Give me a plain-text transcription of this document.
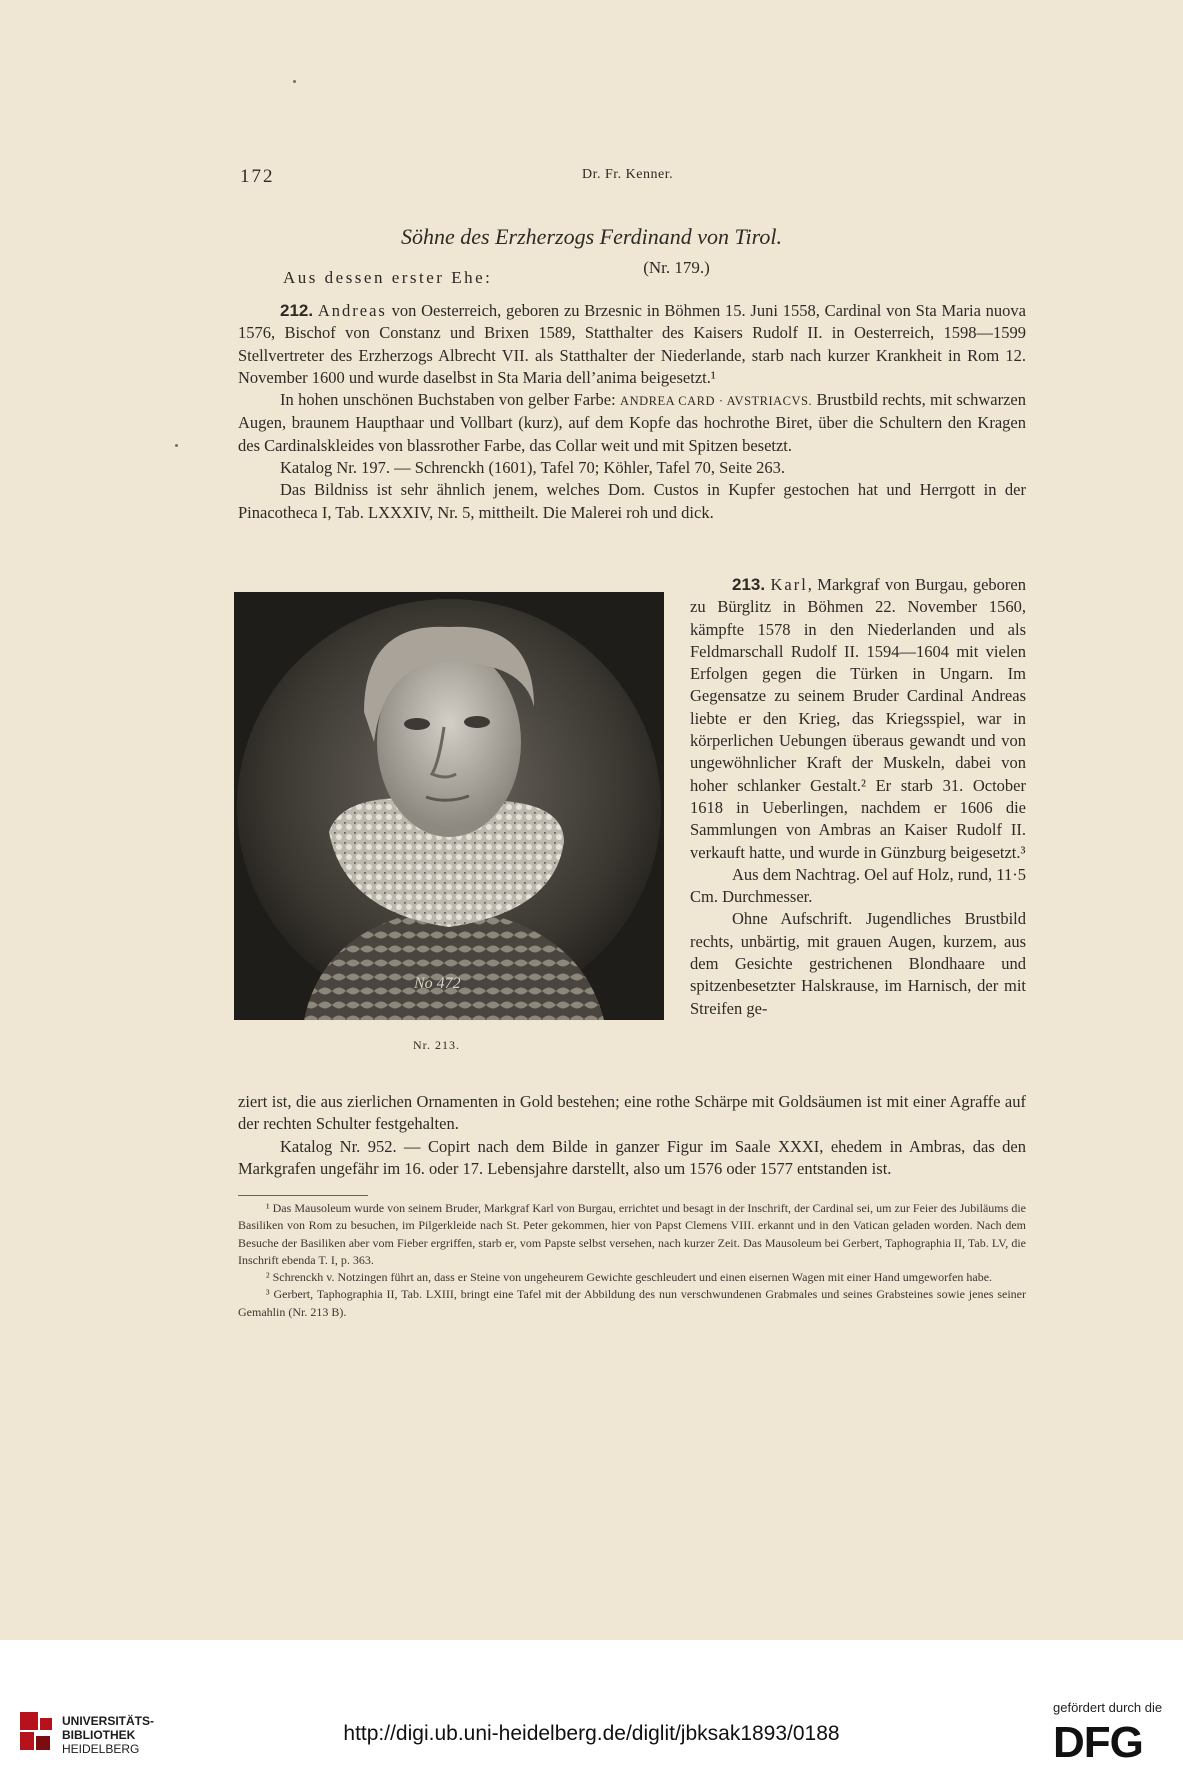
172	Dr. Fr. Kenner.
Söhne des Erzherzogs Ferdinand von Tirol.
(Nr. 179.)
Aus dessen erster Ehe:

212. Andreas von Oesterreich, geboren zu Brzesnic in Böhmen 15. Juni 1558, Cardinal von Sta Maria nuova 1576, Bischof von Constanz und Brixen 1589, Statthalter des Kaisers Rudolf II. in Oesterreich, 1598—1599 Stellvertreter des Erzherzogs Albrecht VII. als Statthalter der Niederlande, starb nach kurzer Krankheit in Rom 12. November 1600 und wurde daselbst in Sta Maria dell’anima beigesetzt.¹

In hohen unschönen Buchstaben von gelber Farbe: ANDREA CARD · AVSTRIACVS. Brustbild rechts, mit schwarzen Augen, braunem Haupthaar und Vollbart (kurz), auf dem Kopfe das hochrothe Biret, über die Schultern den Kragen des Cardinalskleides von blassrother Farbe, das Collar weit und mit Spitzen besetzt.

Katalog Nr. 197. — Schrenckh (1601), Tafel 70; Köhler, Tafel 70, Seite 263.

Das Bildniss ist sehr ähnlich jenem, welches Dom. Custos in Kupfer gestochen hat und Herrgott in der Pinacotheca I, Tab. LXXXIV, Nr. 5, mittheilt. Die Malerei roh und dick.

No 472
Nr. 213.

213. Karl, Markgraf von Burgau, geboren zu Bürglitz in Böhmen 22. November 1560, kämpfte 1578 in den Niederlanden und als Feldmarschall Rudolf II. 1594—1604 mit vielen Erfolgen gegen die Türken in Ungarn. Im Gegensatze zu seinem Bruder Cardinal Andreas liebte er den Krieg, das Kriegsspiel, war in körperlichen Uebungen überaus gewandt und von ungewöhnlicher Kraft der Muskeln, dabei von hoher schlanker Gestalt.² Er starb 31. October 1618 in Ueberlingen, nachdem er 1606 die Sammlungen von Ambras an Kaiser Rudolf II. verkauft hatte, und wurde in Günzburg beigesetzt.³

Aus dem Nachtrag. Oel auf Holz, rund, 11·5 Cm. Durchmesser.

Ohne Aufschrift. Jugendliches Brustbild rechts, unbärtig, mit grauen Augen, kurzem, aus dem Gesichte gestrichenen Blondhaare und spitzenbesetzter Halskrause, im Harnisch, der mit Streifen ge-

ziert ist, die aus zierlichen Ornamenten in Gold bestehen; eine rothe Schärpe mit Goldsäumen ist mit einer Agraffe auf der rechten Schulter festgehalten.

Katalog Nr. 952. — Copirt nach dem Bilde in ganzer Figur im Saale XXXI, ehedem in Ambras, das den Markgrafen ungefähr im 16. oder 17. Lebensjahre darstellt, also um 1576 oder 1577 entstanden ist.

¹ Das Mausoleum wurde von seinem Bruder, Markgraf Karl von Burgau, errichtet und besagt in der Inschrift, der Cardinal sei, um zur Feier des Jubiläums die Basiliken von Rom zu besuchen, im Pilgerkleide nach St. Peter gekommen, hier von Papst Clemens VIII. erkannt und in den Vatican geladen worden. Nach dem Besuche der Basiliken aber vom Fieber ergriffen, starb er, vom Papste selbst versehen, nach kurzer Zeit. Das Mausoleum bei Gerbert, Taphographia II, Tab. LV, die Inschrift ebenda T. I, p. 363.

² Schrenckh v. Notzingen führt an, dass er Steine von ungeheurem Gewichte geschleudert und einen eisernen Wagen mit einer Hand umgeworfen habe.

³ Gerbert, Taphographia II, Tab. LXIII, bringt eine Tafel mit der Abbildung des nun verschwundenen Grabmales und seines Grabsteines sowie jenes seiner Gemahlin (Nr. 213 B).

UNIVERSITÄTS-
BIBLIOTHEK
HEIDELBERG
http://digi.ub.uni-heidelberg.de/diglit/jbksak1893/0188
gefördert durch die
DFG
